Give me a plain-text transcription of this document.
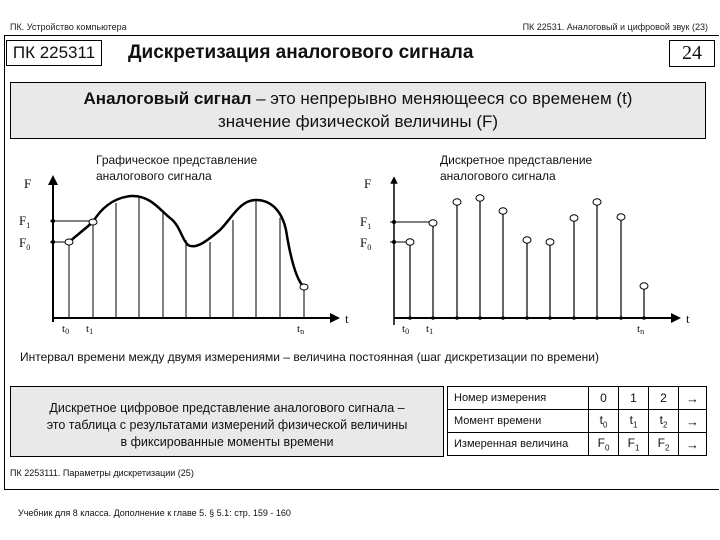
ПК. Устройство компьютера	ПК 22531. Аналоговый и цифровой звук (23)
ПК 225311	Дискретизация аналогового сигнала	24
Аналоговый сигнал – это непрерывно меняющееся со временем (t)
значение физической величины (F)
Графическое представление
аналогового сигнала
Дискретное представление
аналогового сигнала
F
t
$F_1$
$F_0$
t0 t1	tn
F
t
$F_1$
$F_0$
t0 t1	tn
Интервал времени между двумя измерениями – величина постоянная (шаг дискретизации по времени)
Дискретное цифровое представление аналогового сигнала –
это таблица с результатами измерений физической величины
в фиксированные моменты времени
Номер измерения	0	1	2	→
Момент времени	$t_0$	$t_1$	$t_2$	→
Измеренная величина	$F_0$	$F_1$	$F_2$	→
ПК 2253111. Параметры дискретизации (25)
Учебник для 8 класса. Дополнение к главе 5. § 5.1: стр. 159 - 160
